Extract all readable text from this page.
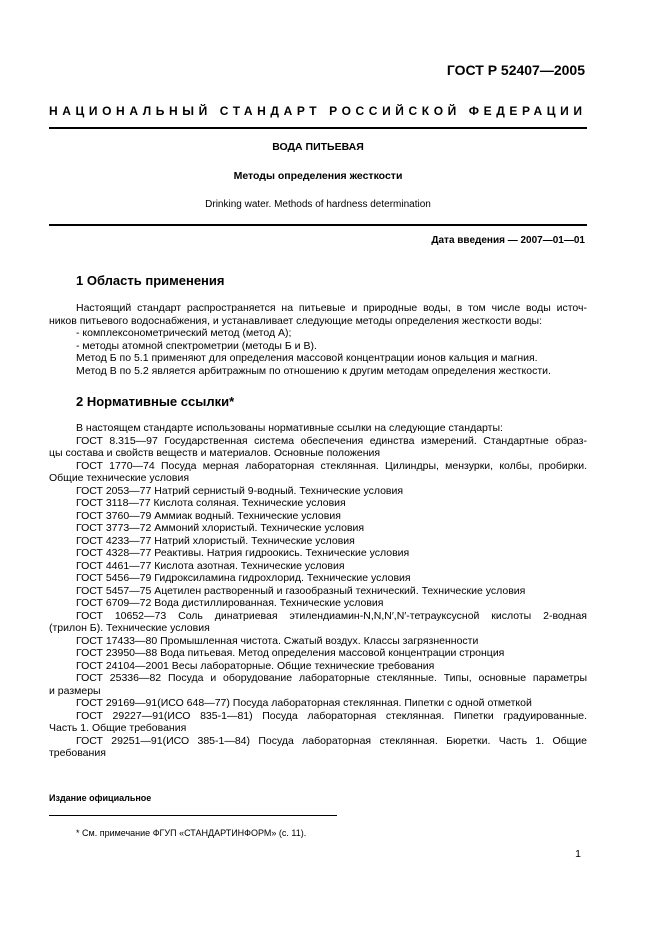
ГОСТ Р 52407—2005
НАЦИОНАЛЬНЫЙ СТАНДАРТ РОССИЙСКОЙ ФЕДЕРАЦИИ
ВОДА ПИТЬЕВАЯ
Методы определения жесткости
Drinking water. Methods of hardness determination
Дата введения — 2007—01—01
1 Область применения
Настоящий стандарт распространяется на питьевые и природные воды, в том числе воды источ-
ников питьевого водоснабжения, и устанавливает следующие методы определения жесткости воды:
- комплексонометрический метод (метод А);
- методы атомной спектрометрии (методы Б и В).
Метод Б по 5.1 применяют для определения массовой концентрации ионов кальция и магния.
Метод В по 5.2 является арбитражным по отношению к другим методам определения жесткости.
2 Нормативные ссылки*
В настоящем стандарте использованы нормативные ссылки на следующие стандарты:
ГОСТ 8.315—97 Государственная система обеспечения единства измерений. Стандартные образ-
цы состава и свойств веществ и материалов. Основные положения
ГОСТ 1770—74 Посуда мерная лабораторная стеклянная. Цилиндры, мензурки, колбы, пробирки.
Общие технические условия
ГОСТ 2053—77 Натрий сернистый 9-водный. Технические условия
ГОСТ 3118—77 Кислота соляная. Технические условия
ГОСТ 3760—79 Аммиак водный. Технические условия
ГОСТ 3773—72 Аммоний хлористый. Технические условия
ГОСТ 4233—77 Натрий хлористый. Технические условия
ГОСТ 4328—77 Реактивы. Натрия гидроокись. Технические условия
ГОСТ 4461—77 Кислота азотная. Технические условия
ГОСТ 5456—79 Гидроксиламина гидрохлорид. Технические условия
ГОСТ 5457—75 Ацетилен растворенный и газообразный технический. Технические условия
ГОСТ 6709—72 Вода дистиллированная. Технические условия
ГОСТ 10652—73 Соль динатриевая этилендиамин-N,N,N′,N′-тетрауксусной кислоты 2-водная
(трилон Б). Технические условия
ГОСТ 17433—80 Промышленная чистота. Сжатый воздух. Классы загрязненности
ГОСТ 23950—88 Вода питьевая. Метод определения массовой концентрации стронция
ГОСТ 24104—2001 Весы лабораторные. Общие технические требования
ГОСТ 25336—82 Посуда и оборудование лабораторные стеклянные. Типы, основные параметры
и размеры
ГОСТ 29169—91(ИСО 648—77) Посуда лабораторная стеклянная. Пипетки с одной отметкой
ГОСТ 29227—91(ИСО 835-1—81) Посуда лабораторная стеклянная. Пипетки градуированные.
Часть 1. Общие требования
ГОСТ 29251—91(ИСО 385-1—84) Посуда лабораторная стеклянная. Бюретки. Часть 1. Общие
требования
Издание официальное
* См. примечание ФГУП «СТАНДАРТИНФОРМ» (с. 11).
1
